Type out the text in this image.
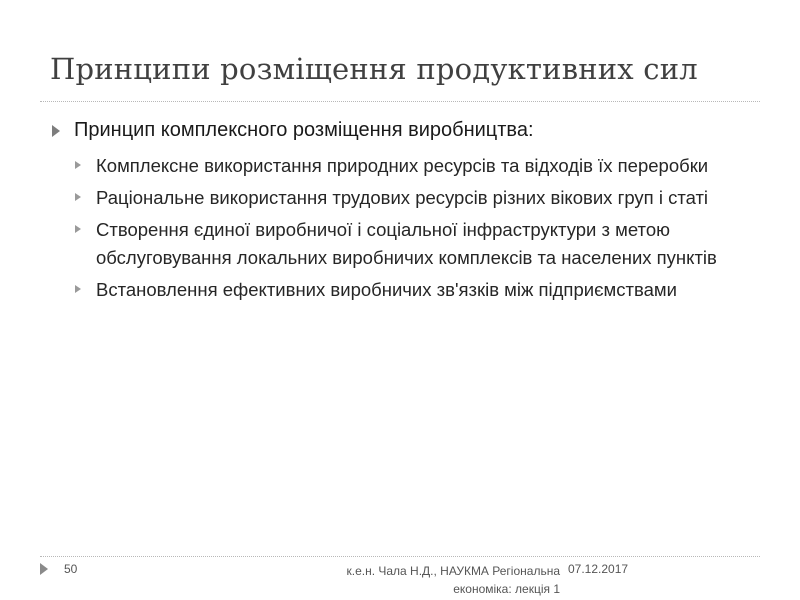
Принципи розміщення продуктивних сил
Принцип комплексного розміщення виробництва:
Комплексне використання природних ресурсів та відходів їх переробки
Раціональне використання трудових ресурсів різних вікових груп і статі
Створення єдиної виробничої і соціальної інфраструктури з метою обслуговування локальних виробничих комплексів та населених пунктів
Встановлення ефективних виробничих зв'язків між підприємствами
50	к.е.н. Чала Н.Д., НАУКМА Регіональна економіка: лекція 1
07.12.2017
